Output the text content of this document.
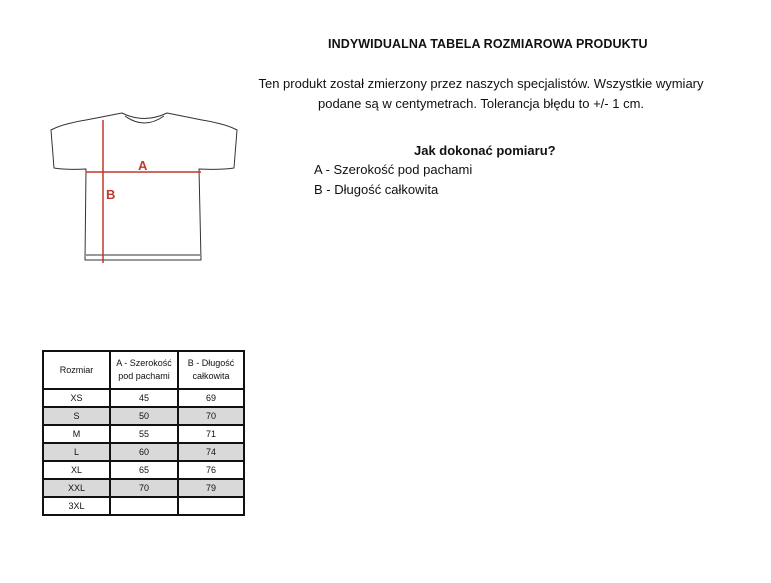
INDYWIDUALNA TABELA ROZMIAROWA PRODUKTU
Ten produkt został zmierzony przez naszych specjalistów. Wszystkie wymiary podane są w centymetrach. Tolerancja błędu to +/- 1 cm.
Jak dokonać pomiaru?
A - Szerokość pod pachami
B - Długość całkowita
A
B
Rozmiar	A - Szerokość pod pachami	B - Długość całkowita
XS	45	69
S	50	70
M	55	71
L	60	74
XL	65	76
XXL	70	79
3XL		
